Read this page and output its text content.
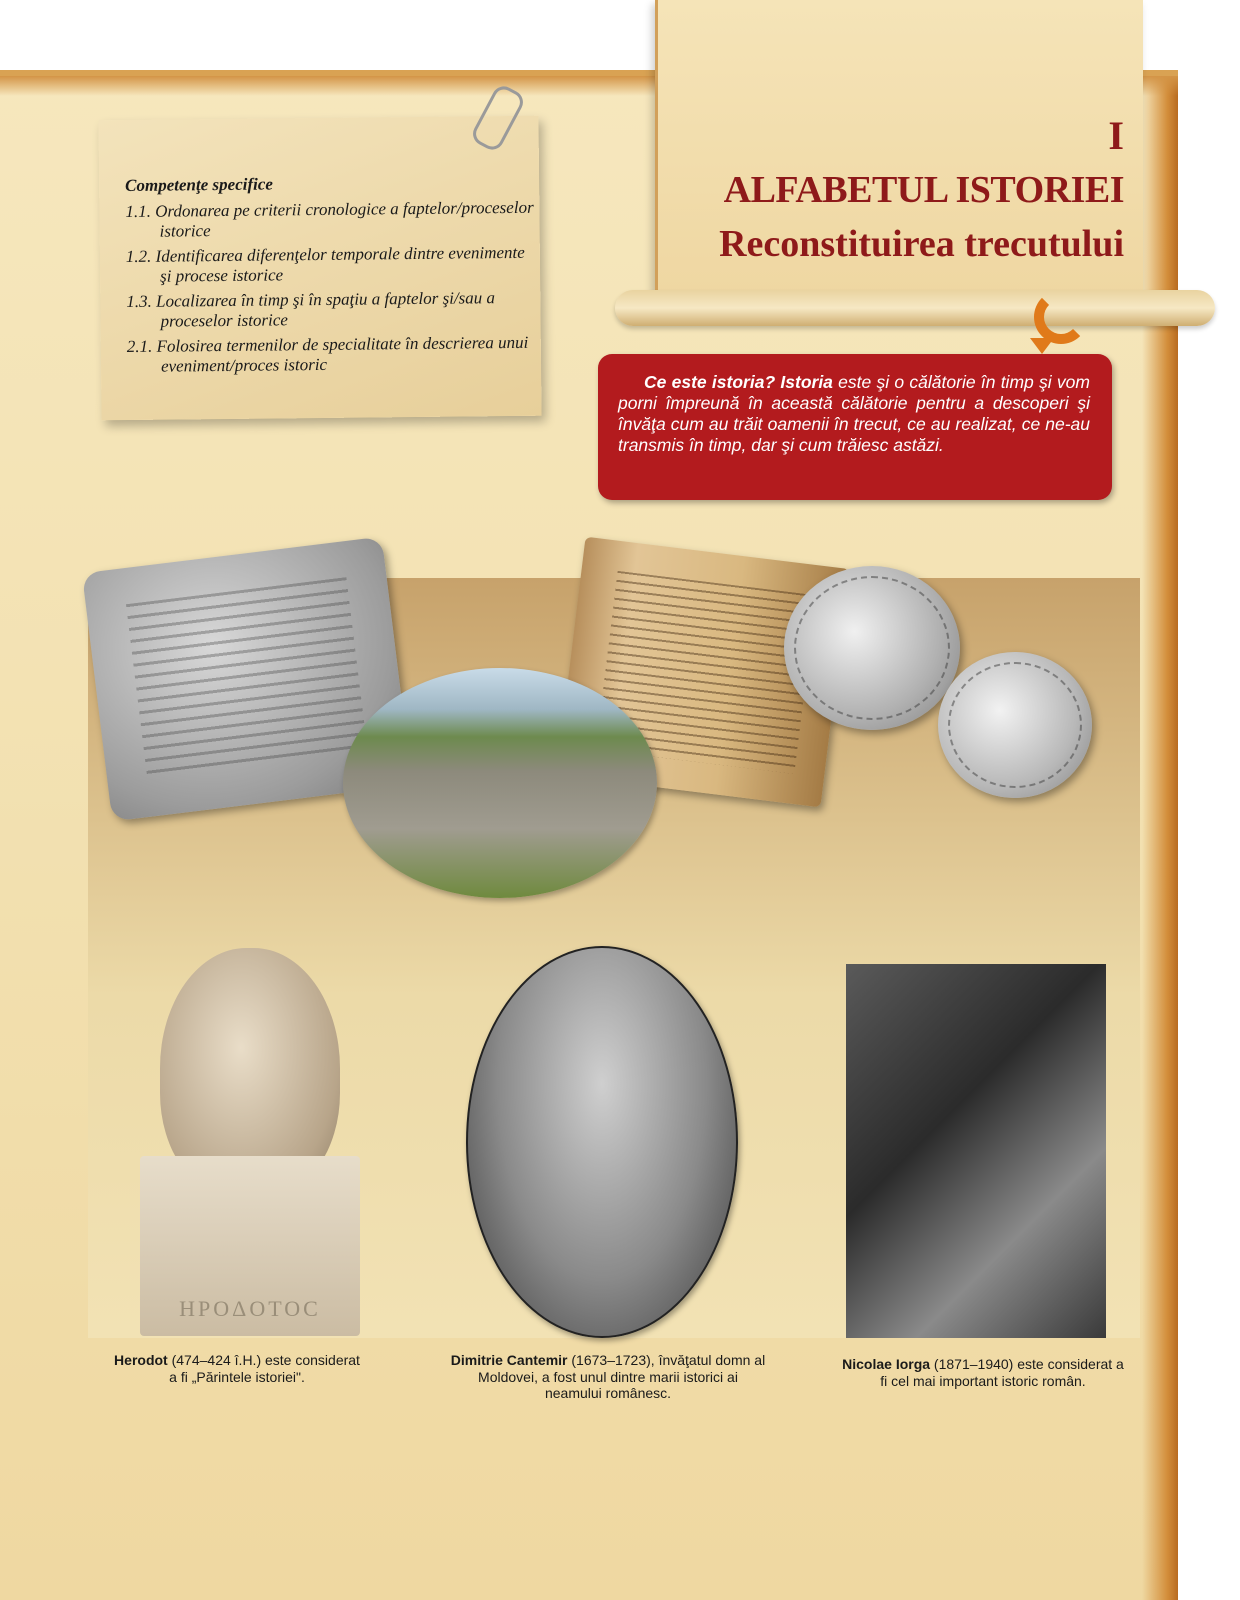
Competenţe specifice
1.1. Ordonarea pe criterii cronologice a faptelor/proceselor istorice
1.2. Identificarea diferenţelor temporale dintre evenimente şi procese istorice
1.3. Localizarea în timp şi în spaţiu a faptelor şi/sau a proceselor istorice
2.1. Folosirea termenilor de specialitate în descrierea unui eveniment/proces istoric
I
ALFABETUL ISTORIEI
Reconstituirea trecutului
Ce este istoria? Istoria este şi o călătorie în timp şi vom porni împreună în această călătorie pentru a descoperi şi învăţa cum au trăit oamenii în trecut, ce au realizat, ce ne-au transmis în timp, dar şi cum trăiesc astăzi.
HPOΔOTOC
Herodot (474–424 î.H.) este considerat a fi „Părintele istoriei".
Dimitrie Cantemir (1673–1723), învăţatul domn al Moldovei, a fost unul dintre marii istorici ai neamului românesc.
Nicolae Iorga (1871–1940) este considerat a fi cel mai important istoric român.
